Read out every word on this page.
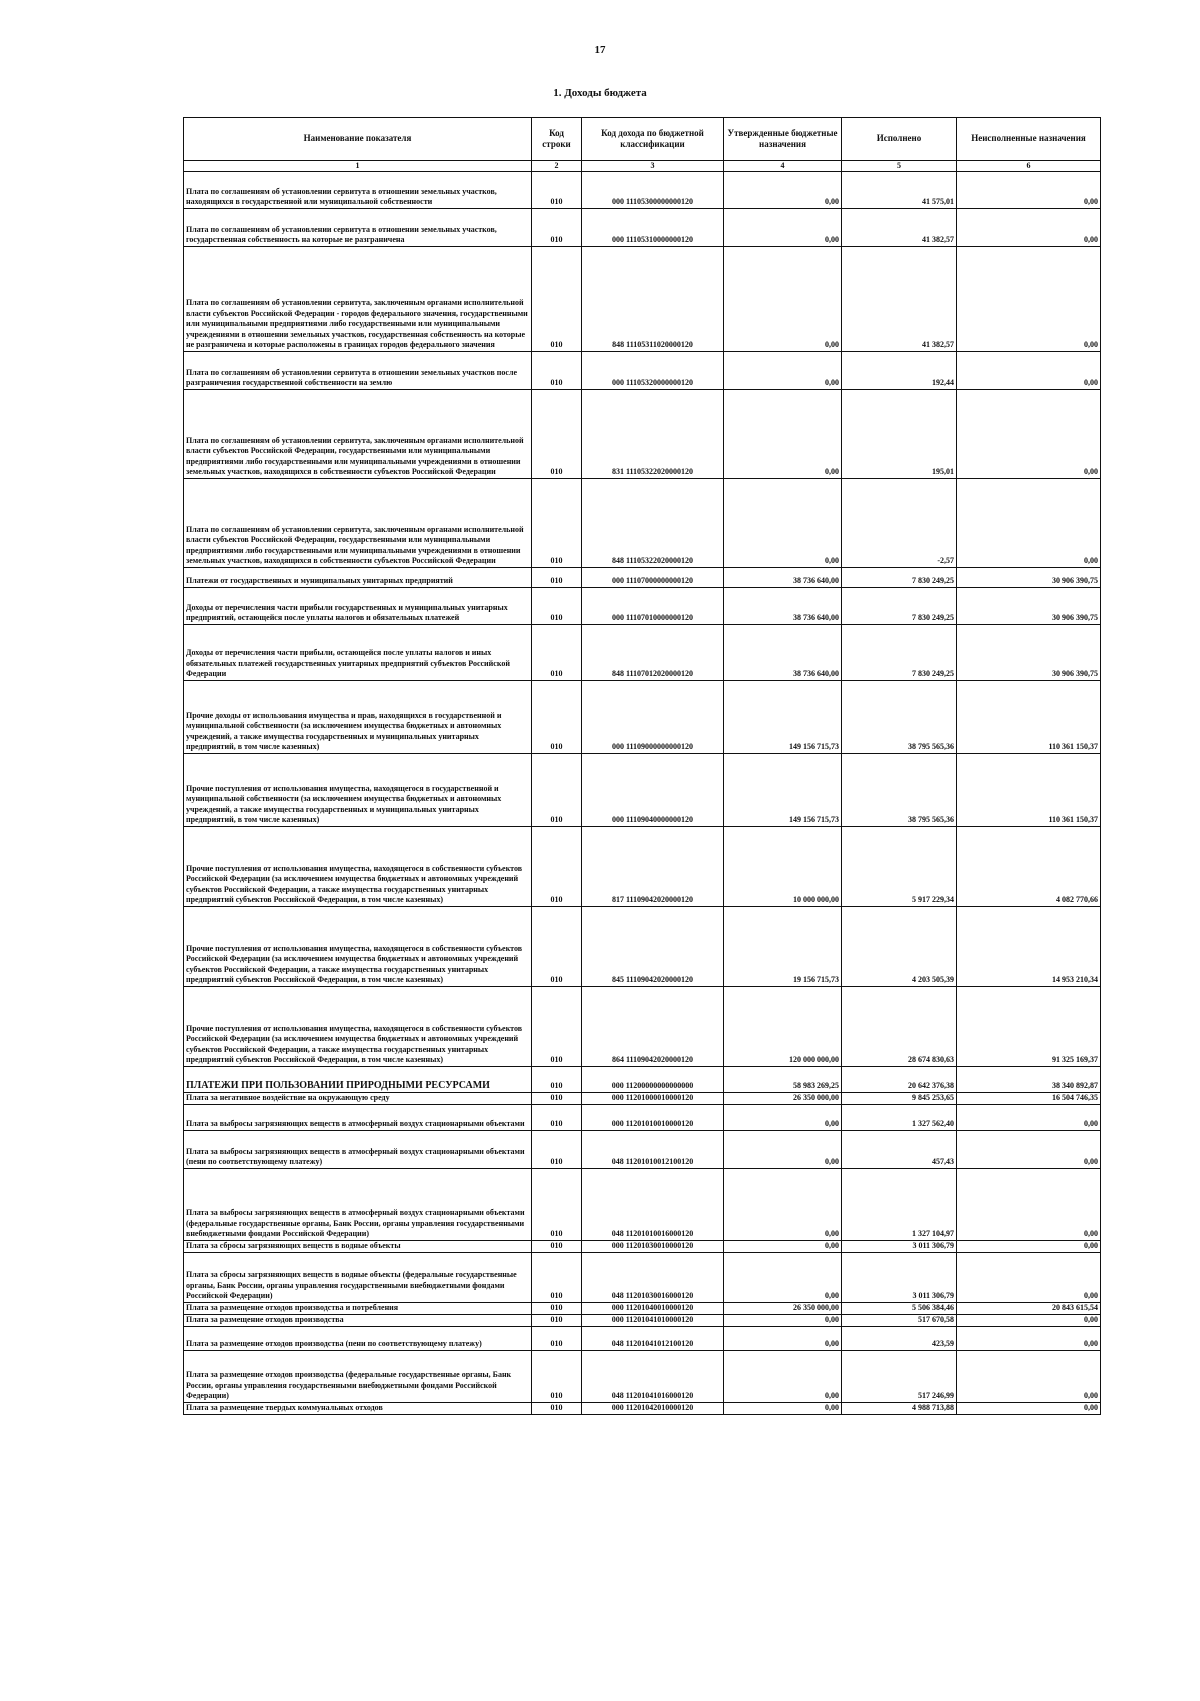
17
1. Доходы бюджета
Наименование показателя	Код строки	Код дохода по бюджетной классификации	Утвержденные бюджетные назначения	Исполнено	Неисполненные назначения
1	2	3	4	5	6
Плата по соглашениям об установлении сервитута в отношении земельных участков, находящихся в государственной или муниципальной собственности	010	000 11105300000000120	0,00	41 575,01	0,00
Плата по соглашениям об установлении сервитута в отношении земельных участков, государственная собственность на которые не разграничена	010	000 11105310000000120	0,00	41 382,57	0,00
Плата по соглашениям об установлении сервитута, заключенным органами исполнительной власти субъектов Российской Федерации - городов федерального значения, государственными или муниципальными предприятиями либо государственными или муниципальными учреждениями в отношении земельных участков, государственная собственность на которые не разграничена и которые расположены в границах городов федерального значения	010	848 11105311020000120	0,00	41 382,57	0,00
Плата по соглашениям об установлении сервитута в отношении земельных участков после разграничения государственной собственности на землю	010	000 11105320000000120	0,00	192,44	0,00
Плата по соглашениям об установлении сервитута, заключенным органами исполнительной власти субъектов Российской Федерации, государственными или муниципальными предприятиями либо государственными или муниципальными учреждениями в отношении земельных участков, находящихся в собственности субъектов Российской Федерации	010	831 11105322020000120	0,00	195,01	0,00
Плата по соглашениям об установлении сервитута, заключенным органами исполнительной власти субъектов Российской Федерации, государственными или муниципальными предприятиями либо государственными или муниципальными учреждениями в отношении земельных участков, находящихся в собственности субъектов Российской Федерации	010	848 11105322020000120	0,00	-2,57	0,00
Платежи от государственных и муниципальных унитарных предприятий	010	000 11107000000000120	38 736 640,00	7 830 249,25	30 906 390,75
Доходы от перечисления части прибыли государственных и муниципальных унитарных предприятий, остающейся после уплаты налогов и обязательных платежей	010	000 11107010000000120	38 736 640,00	7 830 249,25	30 906 390,75
Доходы от перечисления части прибыли, остающейся после уплаты налогов и иных обязательных платежей государственных унитарных предприятий субъектов Российской Федерации	010	848 11107012020000120	38 736 640,00	7 830 249,25	30 906 390,75
Прочие доходы от использования имущества и прав, находящихся в государственной и муниципальной собственности (за исключением имущества бюджетных и автономных учреждений, а также имущества государственных и муниципальных унитарных предприятий, в том числе казенных)	010	000 11109000000000120	149 156 715,73	38 795 565,36	110 361 150,37
Прочие поступления от использования имущества, находящегося в государственной и муниципальной собственности (за исключением имущества бюджетных и автономных учреждений, а также имущества государственных и муниципальных унитарных предприятий, в том числе казенных)	010	000 11109040000000120	149 156 715,73	38 795 565,36	110 361 150,37
Прочие поступления от использования имущества, находящегося в собственности субъектов Российской Федерации (за исключением имущества бюджетных и автономных учреждений субъектов Российской Федерации, а также имущества государственных унитарных предприятий субъектов Российской Федерации, в том числе казенных)	010	817 11109042020000120	10 000 000,00	5 917 229,34	4 082 770,66
Прочие поступления от использования имущества, находящегося в собственности субъектов Российской Федерации (за исключением имущества бюджетных и автономных учреждений субъектов Российской Федерации, а также имущества государственных унитарных предприятий субъектов Российской Федерации, в том числе казенных)	010	845 11109042020000120	19 156 715,73	4 203 505,39	14 953 210,34
Прочие поступления от использования имущества, находящегося в собственности субъектов Российской Федерации (за исключением имущества бюджетных и автономных учреждений субъектов Российской Федерации, а также имущества государственных унитарных предприятий субъектов Российской Федерации, в том числе казенных)	010	864 11109042020000120	120 000 000,00	28 674 830,63	91 325 169,37
ПЛАТЕЖИ ПРИ ПОЛЬЗОВАНИИ ПРИРОДНЫМИ РЕСУРСАМИ	010	000 11200000000000000	58 983 269,25	20 642 376,38	38 340 892,87
Плата за негативное воздействие на окружающую среду	010	000 11201000010000120	26 350 000,00	9 845 253,65	16 504 746,35
Плата за выбросы загрязняющих веществ в атмосферный воздух стационарными объектами	010	000 11201010010000120	0,00	1 327 562,40	0,00
Плата за выбросы загрязняющих веществ в атмосферный воздух стационарными объектами (пени по соответствующему платежу)	010	048 11201010012100120	0,00	457,43	0,00
Плата за выбросы загрязняющих веществ в атмосферный воздух стационарными объектами (федеральные государственные органы, Банк России, органы управления государственными внебюджетными фондами Российской Федерации)	010	048 11201010016000120	0,00	1 327 104,97	0,00
Плата за сбросы загрязняющих веществ в водные объекты	010	000 11201030010000120	0,00	3 011 306,79	0,00
Плата за сбросы загрязняющих веществ в водные объекты (федеральные государственные органы, Банк России, органы управления государственными внебюджетными фондами Российской Федерации)	010	048 11201030016000120	0,00	3 011 306,79	0,00
Плата за размещение отходов производства и потребления	010	000 11201040010000120	26 350 000,00	5 506 384,46	20 843 615,54
Плата за размещение отходов производства	010	000 11201041010000120	0,00	517 670,58	0,00
Плата за размещение отходов производства (пени по соответствующему платежу)	010	048 11201041012100120	0,00	423,59	0,00
Плата за размещение отходов производства (федеральные государственные органы, Банк России, органы управления государственными внебюджетными фондами Российской Федерации)	010	048 11201041016000120	0,00	517 246,99	0,00
Плата за размещение твердых коммунальных отходов	010	000 11201042010000120	0,00	4 988 713,88	0,00
